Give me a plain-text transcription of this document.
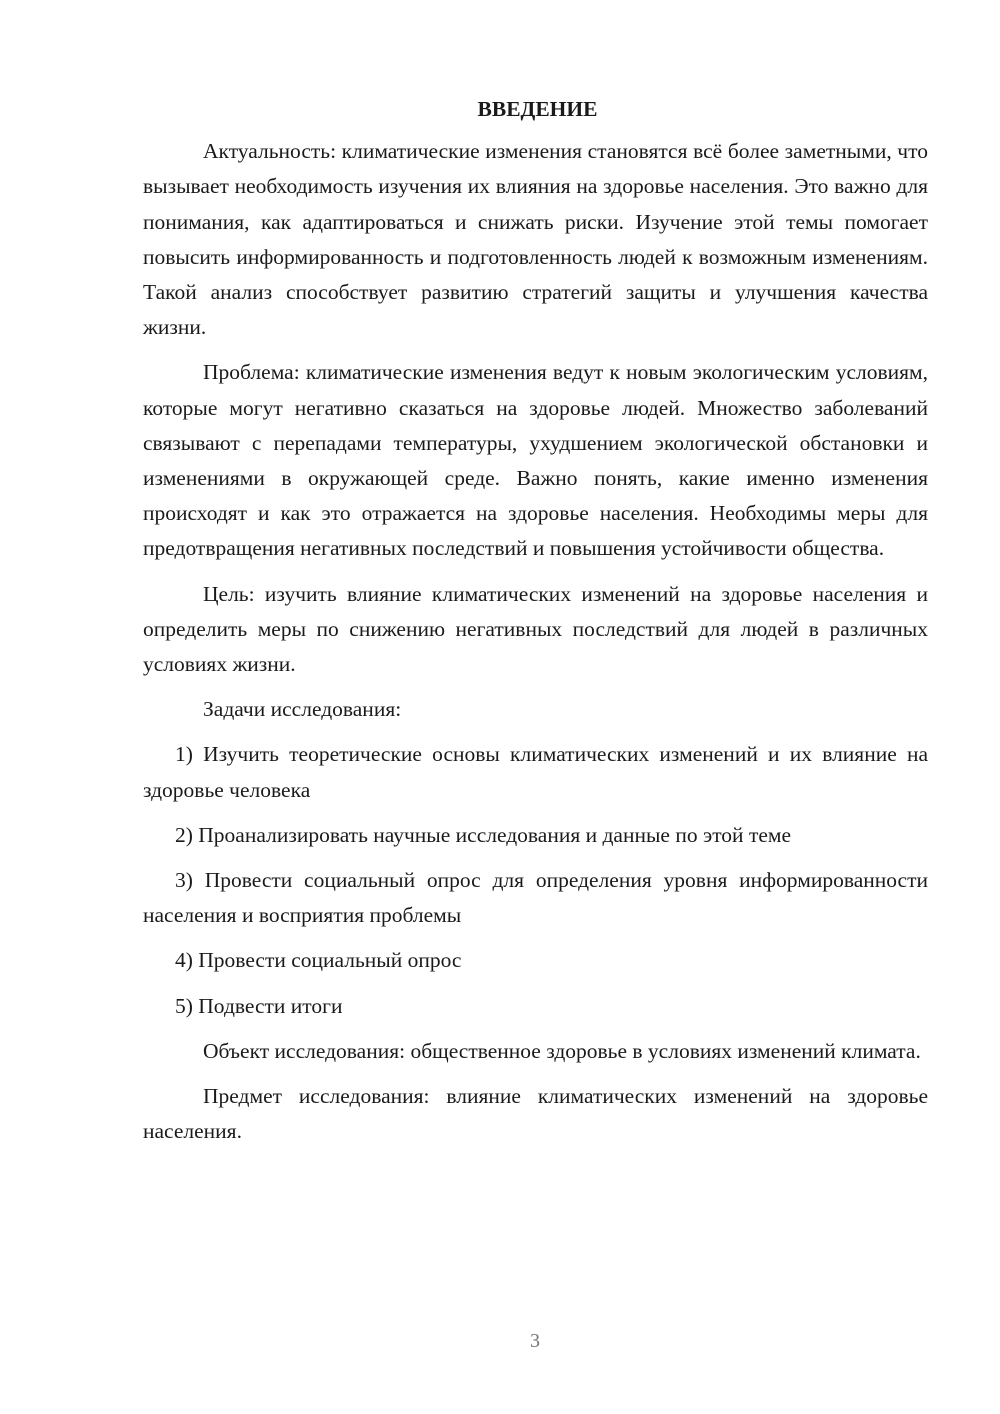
ВВЕДЕНИЕ

Актуальность: климатические изменения становятся всё более заметными, что вызывает необходимость изучения их влияния на здоровье населения. Это важно для понимания, как адаптироваться и снижать риски. Изучение этой темы помогает повысить информированность и подготовленность людей к возможным изменениям. Такой анализ способствует развитию стратегий защиты и улучшения качества жизни.

Проблема: климатические изменения ведут к новым экологическим условиям, которые могут негативно сказаться на здоровье людей. Множество заболеваний связывают с перепадами температуры, ухудшением экологической обстановки и изменениями в окружающей среде. Важно понять, какие именно изменения происходят и как это отражается на здоровье населения. Необходимы меры для предотвращения негативных последствий и повышения устойчивости общества.

Цель: изучить влияние климатических изменений на здоровье населения и определить меры по снижению негативных последствий для людей в различных условиях жизни.

Задачи исследования:

1) Изучить теоретические основы климатических изменений и их влияние на здоровье человека

2) Проанализировать научные исследования и данные по этой теме

3) Провести социальный опрос для определения уровня информированности населения и восприятия проблемы

4) Провести социальный опрос

5) Подвести итоги

Объект исследования: общественное здоровье в условиях изменений климата.

Предмет исследования: влияние климатических изменений на здоровье населения.

3
